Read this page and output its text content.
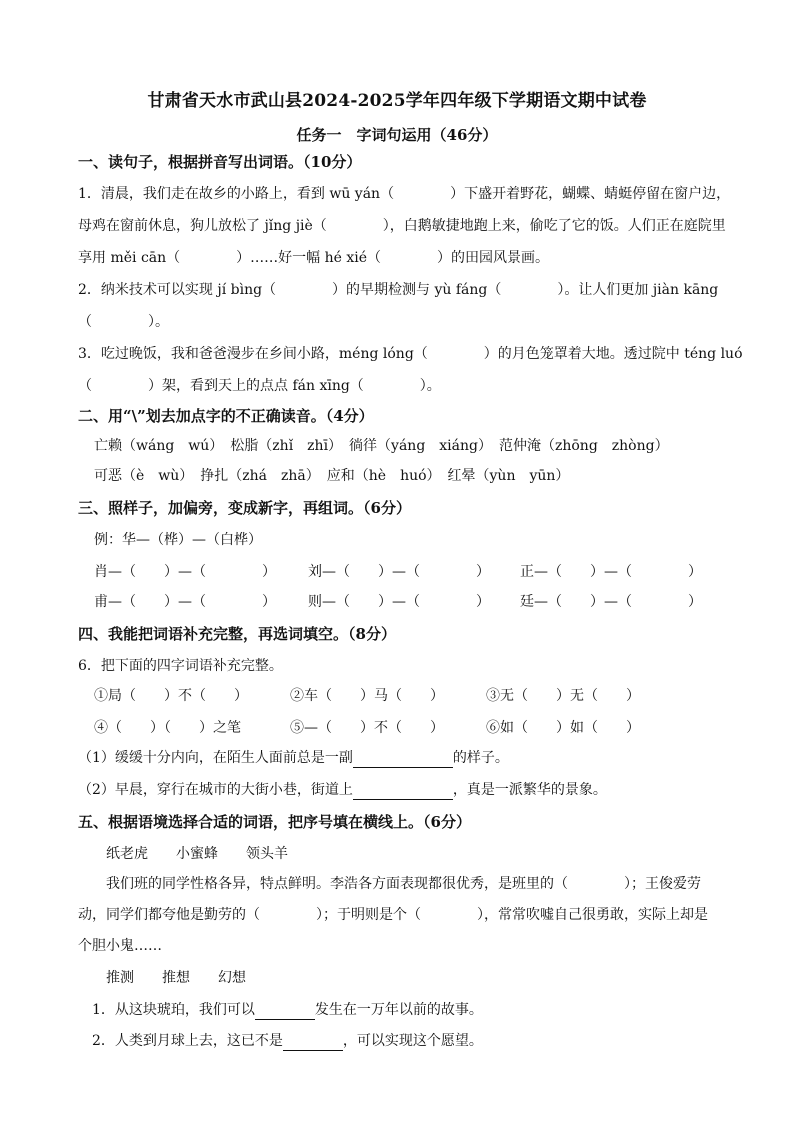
甘肃省天水市武山县2024-2025学年四年级下学期语文期中试卷
任务一　字词句运用（46分）
一、读句子，根据拼音写出词语。（10分）
1．清晨，我们走在故乡的小路上，看到 wū yán（　　　　）下盛开着野花，蝴蝶、蜻蜓停留在窗户边，
母鸡在窗前休息，狗儿放松了 jǐng jiè（　　　　），白鹅敏捷地跑上来，偷吃了它的饭。人们正在庭院里
享用 měi cān（　　　　）……好一幅 hé xié（　　　　）的田园风景画。
2．纳米技术可以实现 jí bìng（　　　　）的早期检测与 yù fáng（　　　　）。让人们更加 jiàn kāng
（　　　　）。
3．吃过晚饭，我和爸爸漫步在乡间小路，méng lóng（　　　　）的月色笼罩着大地。透过院中 téng luó
（　　　　）架，看到天上的点点 fán xīng（　　　　）。
二、用“\”划去加点字的不正确读音。（4分）
亡赖（wáng　wú）　松脂（zhǐ　zhī）　徜徉（yáng　xiáng）　范仲淹（zhōng　zhòng）
可恶（è　wù）　挣扎（zhá　zhā）　应和（hè　huó）　红晕（yùn　yūn）
三、照样子，加偏旁，变成新字，再组词。（6分）
例：华—（桦）—（白桦）
肖—（　　）—（　　　　） 刘—（　　）—（　　　　） 正—（　　）—（　　　　）
甫—（　　）—（　　　　） 则—（　　）—（　　　　） 廷—（　　）—（　　　　）
四、我能把词语补充完整，再选词填空。（8分）
6．把下面的四字词语补充完整。
①局（　　）不（　　）	②车（　　）马（　　）	③无（　　）无（　　）
④（　　）（　　）之笔	⑤—（　　）不（　　）	⑥如（　　）如（　　）
（1）缓缓十分内向，在陌生人面前总是一副	的样子。
（2）早晨，穿行在城市的大街小巷，街道上	，真是一派繁华的景象。
五、根据语境选择合适的词语，把序号填在横线上。（6分）
纸老虎　　小蜜蜂　　领头羊
我们班的同学性格各异，特点鲜明。李浩各方面表现都很优秀，是班里的（　　　　）；王俊爱劳
动，同学们都夸他是勤劳的（　　　　）；于明则是个（　　　　），常常吹嘘自己很勇敢，实际上却是
个胆小鬼……
推测　　推想　　幻想
1．从这块琥珀，我们可以	发生在一万年以前的故事。
2．人类到月球上去，这已不是	，可以实现这个愿望。
